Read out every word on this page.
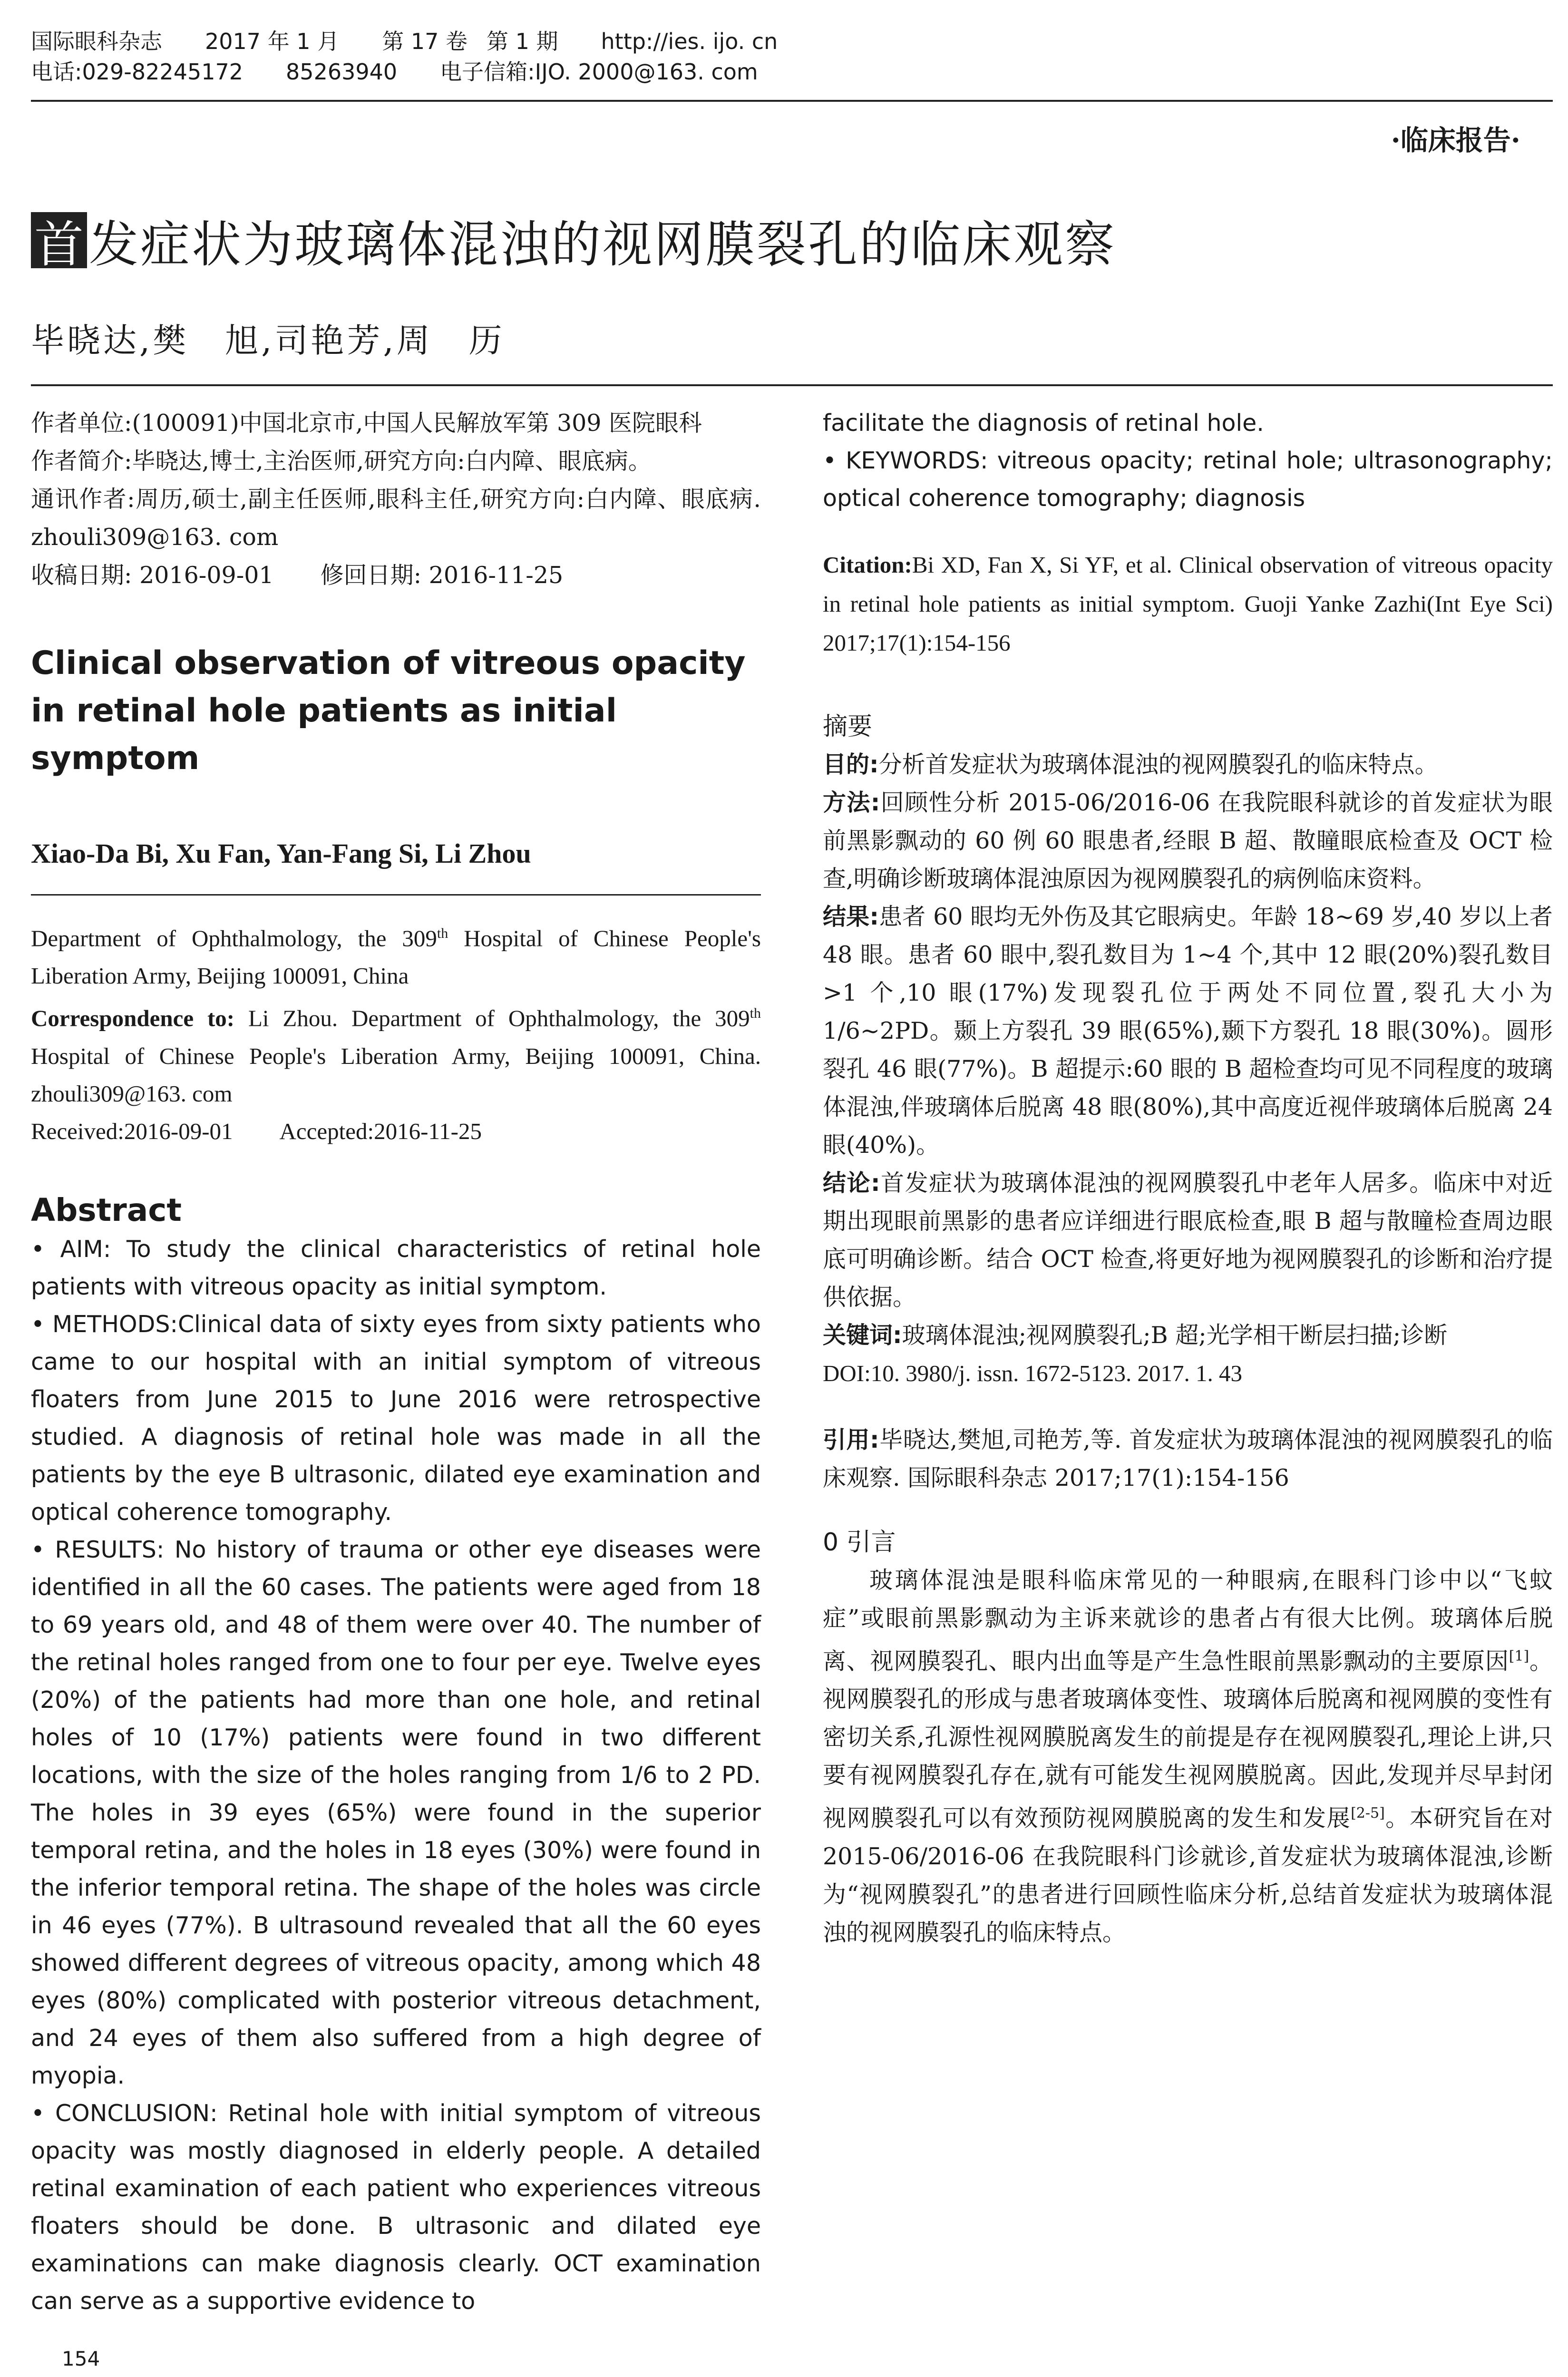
国际眼科杂志 2017 年 1 月 第 17 卷 第 1 期 http://ies. ijo. cn
电话:029-82245172 85263940 电子信箱:IJO. 2000@163. com
·临床报告·
首 发症状为玻璃体混浊的视网膜裂孔的临床观察
毕晓达,樊　旭,司艳芳,周　历
作者单位:(100091)中国北京市,中国人民解放军第 309 医院眼科
作者简介:毕晓达,博士,主治医师,研究方向:白内障、眼底病。
通讯作者:周历,硕士,副主任医师,眼科主任,研究方向:白内障、眼底病. zhouli309@163. com
收稿日期: 2016-09-01　　修回日期: 2016-11-25
Clinical observation of vitreous opacity in retinal hole patients as initial symptom
Xiao-Da Bi, Xu Fan, Yan-Fang Si, Li Zhou
Department of Ophthalmology, the 309th Hospital of Chinese People's Liberation Army, Beijing 100091, China
Correspondence to: Li Zhou. Department of Ophthalmology, the 309th Hospital of Chinese People's Liberation Army, Beijing 100091, China. zhouli309@163. com
Received:2016-09-01　　Accepted:2016-11-25
Abstract

• AIM: To study the clinical characteristics of retinal hole patients with vitreous opacity as initial symptom.

• METHODS:Clinical data of sixty eyes from sixty patients who came to our hospital with an initial symptom of vitreous floaters from June 2015 to June 2016 were retrospective studied. A diagnosis of retinal hole was made in all the patients by the eye B ultrasonic, dilated eye examination and optical coherence tomography.

• RESULTS: No history of trauma or other eye diseases were identified in all the 60 cases. The patients were aged from 18 to 69 years old, and 48 of them were over 40. The number of the retinal holes ranged from one to four per eye. Twelve eyes (20%) of the patients had more than one hole, and retinal holes of 10 (17%) patients were found in two different locations, with the size of the holes ranging from 1/6 to 2 PD. The holes in 39 eyes (65%) were found in the superior temporal retina, and the holes in 18 eyes (30%) were found in the inferior temporal retina. The shape of the holes was circle in 46 eyes (77%). B ultrasound revealed that all the 60 eyes showed different degrees of vitreous opacity, among which 48 eyes (80%) complicated with posterior vitreous detachment, and 24 eyes of them also suffered from a high degree of myopia.

• CONCLUSION: Retinal hole with initial symptom of vitreous opacity was mostly diagnosed in elderly people. A detailed retinal examination of each patient who experiences vitreous floaters should be done. B ultrasonic and dilated eye examinations can make diagnosis clearly. OCT examination can serve as a supportive evidence to

facilitate the diagnosis of retinal hole.
• KEYWORDS: vitreous opacity; retinal hole; ultrasonography; optical coherence tomography; diagnosis
Citation:Bi XD, Fan X, Si YF, et al. Clinical observation of vitreous opacity in retinal hole patients as initial symptom. Guoji Yanke Zazhi(Int Eye Sci) 2017;17(1):154-156
摘要

目的:分析首发症状为玻璃体混浊的视网膜裂孔的临床特点。

方法:回顾性分析 2015-06/2016-06 在我院眼科就诊的首发症状为眼前黑影飘动的 60 例 60 眼患者,经眼 B 超、散瞳眼底检查及 OCT 检查,明确诊断玻璃体混浊原因为视网膜裂孔的病例临床资料。

结果:患者 60 眼均无外伤及其它眼病史。年龄 18~69 岁,40 岁以上者 48 眼。患者 60 眼中,裂孔数目为 1~4 个,其中 12 眼(20%)裂孔数目>1 个,10 眼(17%)发现裂孔位于两处不同位置,裂孔大小为 1/6~2PD。颞上方裂孔 39 眼(65%),颞下方裂孔 18 眼(30%)。圆形裂孔 46 眼(77%)。B 超提示:60 眼的 B 超检查均可见不同程度的玻璃体混浊,伴玻璃体后脱离 48 眼(80%),其中高度近视伴玻璃体后脱离 24 眼(40%)。

结论:首发症状为玻璃体混浊的视网膜裂孔中老年人居多。临床中对近期出现眼前黑影的患者应详细进行眼底检查,眼 B 超与散瞳检查周边眼底可明确诊断。结合 OCT 检查,将更好地为视网膜裂孔的诊断和治疗提供依据。

关键词:玻璃体混浊;视网膜裂孔;B 超;光学相干断层扫描;诊断

DOI:10. 3980/j. issn. 1672-5123. 2017. 1. 43

引用:毕晓达,樊旭,司艳芳,等. 首发症状为玻璃体混浊的视网膜裂孔的临床观察. 国际眼科杂志 2017;17(1):154-156

0 引言
玻璃体混浊是眼科临床常见的一种眼病,在眼科门诊中以“飞蚊症”或眼前黑影飘动为主诉来就诊的患者占有很大比例。玻璃体后脱离、视网膜裂孔、眼内出血等是产生急性眼前黑影飘动的主要原因[1]。视网膜裂孔的形成与患者玻璃体变性、玻璃体后脱离和视网膜的变性有密切关系,孔源性视网膜脱离发生的前提是存在视网膜裂孔,理论上讲,只要有视网膜裂孔存在,就有可能发生视网膜脱离。因此,发现并尽早封闭视网膜裂孔可以有效预防视网膜脱离的发生和发展[2-5]。本研究旨在对 2015-06/2016-06 在我院眼科门诊就诊,首发症状为玻璃体混浊,诊断为“视网膜裂孔”的患者进行回顾性临床分析,总结首发症状为玻璃体混浊的视网膜裂孔的临床特点。
154
